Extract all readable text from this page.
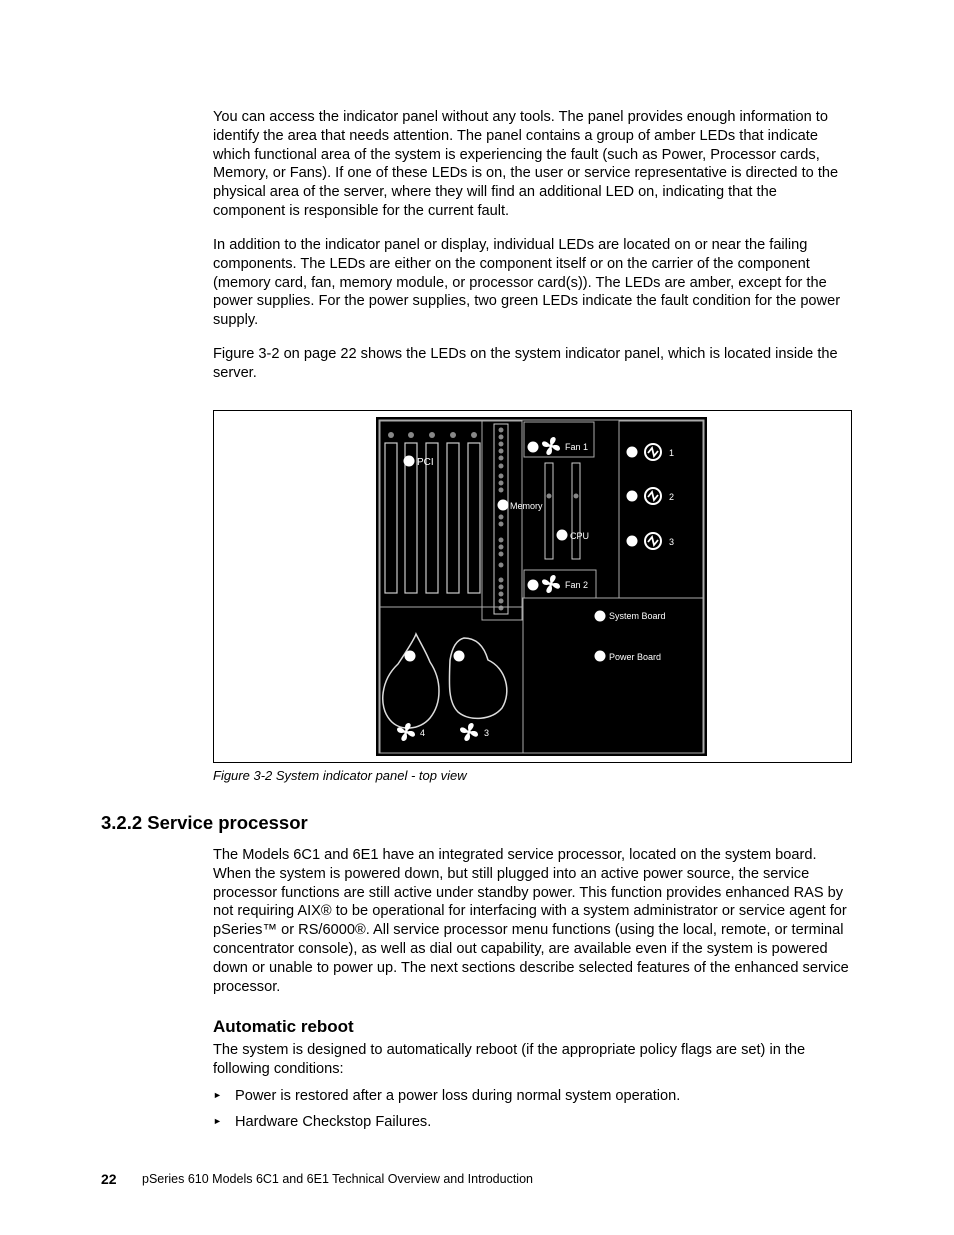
You can access the indicator panel without any tools. The panel provides enough information to identify the area that needs attention. The panel contains a group of amber LEDs that indicate which functional area of the system is experiencing the fault (such as Power, Processor cards, Memory, or Fans). If one of these LEDs is on, the user or service representative is directed to the physical area of the server, where they will find an additional LED on, indicating that the component is responsible for the current fault.

In addition to the indicator panel or display, individual LEDs are located on or near the failing components. The LEDs are either on the component itself or on the carrier of the component (memory card, fan, memory module, or processor card(s)). The LEDs are amber, except for the power supplies. For the power supplies, two green LEDs indicate the fault condition for the power supply.

Figure 3-2 on page 22 shows the LEDs on the system indicator panel, which is located inside the server.

PCI
Memory
Fan 1
CPU
Fan 2
1
2
3
System Board
Power Board
4	3
Figure 3-2 System indicator panel - top view
3.2.2 Service processor

The Models 6C1 and 6E1 have an integrated service processor, located on the system board. When the system is powered down, but still plugged into an active power source, the service processor functions are still active under standby power. This function provides enhanced RAS by not requiring AIX® to be operational for interfacing with a system administrator or service agent for pSeries™ or RS/6000®. All service processor menu functions (using the local, remote, or terminal concentrator console), as well as dial out capability, are available even if the system is powered down or unable to power up. The next sections describe selected features of the enhanced service processor.

Automatic reboot

The system is designed to automatically reboot (if the appropriate policy flags are set) in the following conditions:

► Power is restored after a power loss during normal system operation.
► Hardware Checkstop Failures.
22 pSeries 610 Models 6C1 and 6E1 Technical Overview and Introduction
